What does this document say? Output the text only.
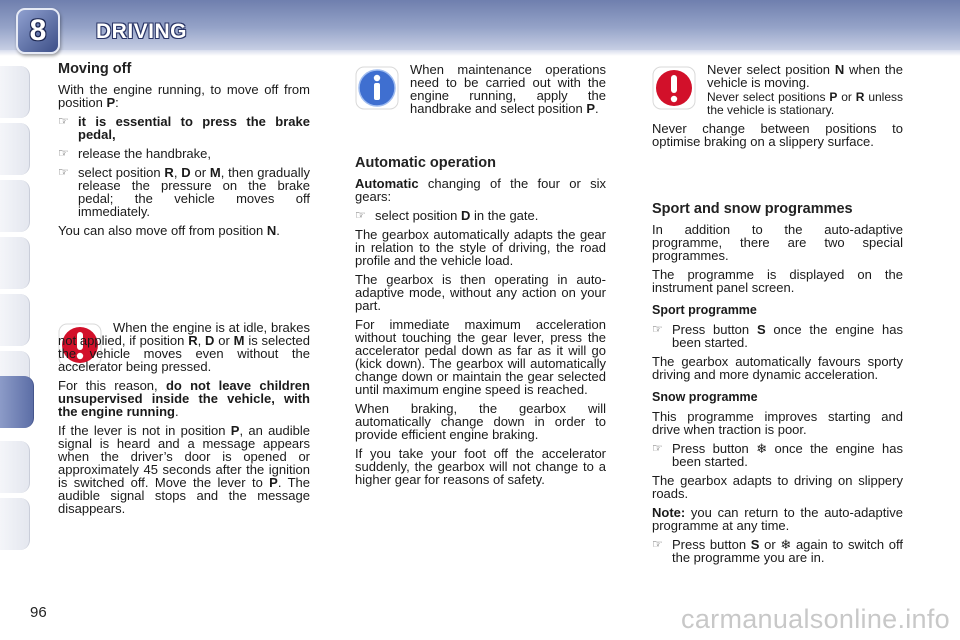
8 DRIVING
Moving off

With the engine running, to move off from position P:

☞ it is essential to press the brake pedal,
☞ release the handbrake,
☞ select position R, D or M, then gradually release the pressure on the brake pedal; the vehicle moves off immediately.

You can also move off from position N.

When the engine is at idle, brakes not applied, if position R, D or M is selected the vehicle moves even without the accelerator being pressed.

For this reason, do not leave children unsupervised inside the vehicle, with the engine running.

If the lever is not in position P, an audible signal is heard and a message appears when the driver’s door is opened or approximately 45 seconds after the ignition is switched off. Move the lever to P. The audible signal stops and the message disappears.

When maintenance operations need to be carried out with the engine running, apply the handbrake and select position P.

Automatic operation

Automatic changing of the four or six gears:

☞ select position D in the gate.

The gearbox automatically adapts the gear in relation to the style of driving, the road profile and the vehicle load.

The gearbox is then operating in auto-adaptive mode, without any action on your part.

For immediate maximum acceleration without touching the gear lever, press the accelerator pedal down as far as it will go (kick down). The gearbox will automatically change down or maintain the gear selected until maximum engine speed is reached.

When braking, the gearbox will automatically change down in order to provide efficient engine braking.

If you take your foot off the accelerator suddenly, the gearbox will not change to a higher gear for reasons of safety.

Never select position N when the vehicle is moving.

Never select positions P or R unless the vehicle is stationary.

Never change between positions to optimise braking on a slippery surface.

Sport and snow programmes

In addition to the auto-adaptive programme, there are two special programmes.

The programme is displayed on the instrument panel screen.

Sport programme
☞ Press button S once the engine has been started.

The gearbox automatically favours sporty driving and more dynamic acceleration.

Snow programme

This programme improves starting and drive when traction is poor.

☞ Press button ❄ once the engine has been started.

The gearbox adapts to driving on slippery roads.

Note: you can return to the auto-adaptive programme at any time.

☞ Press button S or ❄ again to switch off the programme you are in.
96	carmanualsonline.info
